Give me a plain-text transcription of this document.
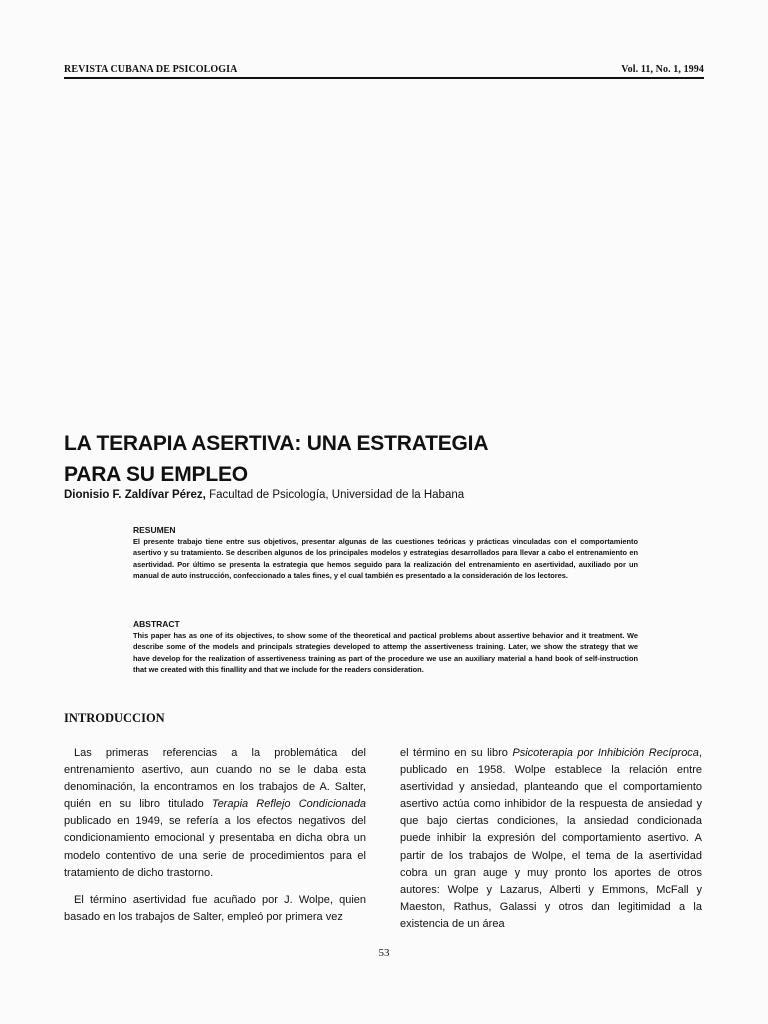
REVISTA CUBANA DE PSICOLOGIA	Vol. 11, No. 1, 1994
LA TERAPIA ASERTIVA: UNA ESTRATEGIA
PARA SU EMPLEO
Dionisio F. Zaldívar Pérez, Facultad de Psicología, Universidad de la Habana
RESUMEN
El presente trabajo tiene entre sus objetivos, presentar algunas de las cuestiones teóricas y prácticas vinculadas con el comportamiento asertivo y su tratamiento. Se describen algunos de los principales modelos y estrategias desarrollados para llevar a cabo el entrenamiento en asertividad. Por último se presenta la estrategia que hemos seguido para la realización del entrenamiento en asertividad, auxiliado por un manual de auto instrucción, confeccionado a tales fines, y el cual también es presentado a la consideración de los lectores.
ABSTRACT
This paper has as one of its objectives, to show some of the theoretical and pactical problems about assertive behavior and it treatment. We describe some of the models and principals strategies developed to attemp the assertiveness training. Later, we show the strategy that we have develop for the realization of assertiveness training as part of the procedure we use an auxiliary material a hand book of self-instruction that we created with this finallity and that we include for the readers consideration.
INTRODUCCION

Las primeras referencias a la problemática del entrenamiento asertivo, aun cuando no se le daba esta denominación, la encontramos en los trabajos de A. Salter, quién en su libro titulado Terapia Reflejo Condicionada publicado en 1949, se refería a los efectos negativos del condicionamiento emocional y presentaba en dicha obra un modelo contentivo de una serie de procedimientos para el tratamiento de dicho trastorno.

El término asertividad fue acuñado por J. Wolpe, quien basado en los trabajos de Salter, empleó por primera vez

el término en su libro Psicoterapia por Inhibición Recíproca, publicado en 1958. Wolpe establece la relación entre asertividad y ansiedad, planteando que el comportamiento asertivo actúa como inhibidor de la respuesta de ansiedad y que bajo ciertas condiciones, la ansiedad condicionada puede inhibir la expresión del comportamiento asertivo. A partir de los trabajos de Wolpe, el tema de la asertividad cobra un gran auge y muy pronto los aportes de otros autores: Wolpe y Lazarus, Alberti y Emmons, McFall y Maeston, Rathus, Galassi y otros dan legitimidad a la existencia de un área

53
